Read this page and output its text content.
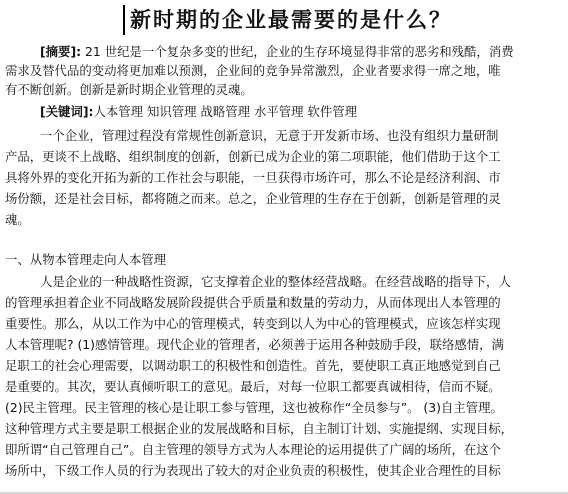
新时期的企业最需要的是什么？
[摘要]: 21 世纪是一个复杂多变的世纪，企业的生存环境显得非常的恶劣和残酷，消费
需求及替代品的变动将更加难以预测，企业间的竞争异常激烈，企业者要求得一席之地，唯
有不断创新。创新是新时期企业管理的灵魂。
[关键词]:人本管理 知识管理 战略管理 水平管理 软件管理
一个企业，管理过程没有常规性创新意识，无意于开发新市场、也没有组织力量研制
产品，更谈不上战略、组织制度的创新，创新已成为企业的第二项职能，他们借助于这个工
具将外界的变化开拓为新的工作社会与职能，一旦获得市场许可，那么不论是经济利润、市
场份额，还是社会目标，都将随之而来。总之，企业管理的生存在于创新，创新是管理的灵
魂。
一、从物本管理走向人本管理
人是企业的一种战略性资源，它支撑着企业的整体经营战略。在经营战略的指导下，人
的管理承担着企业不同战略发展阶段提供合乎质量和数量的劳动力，从而体现出人本管理的
重要性。那么，从以工作为中心的管理模式，转变到以人为中心的管理模式，应该怎样实现
人本管理呢? (1)感情管理。现代企业的管理者，必须善于运用各种鼓励手段，联络感情，满
足职工的社会心理需要，以调动职工的积极性和创造性。首先，要使职工真正地感觉到自己
是重要的。其次，要认真倾听职工的意见。最后，对每一位职工都要真诚相待，信而不疑。
(2)民主管理。民主管理的核心是让职工参与管理，这也被称作“全员参与”。 (3)自主管理。
这种管理方式主要是职工根据企业的发展战略和目标，自主制订计划、实施提纲、实现目标，
即所谓“自己管理自己”。自主管理的领导方式为人本理论的运用提供了广阔的场所，在这个
场所中，下级工作人员的行为表现出了较大的对企业负责的积极性，使其企业合理性的目标
